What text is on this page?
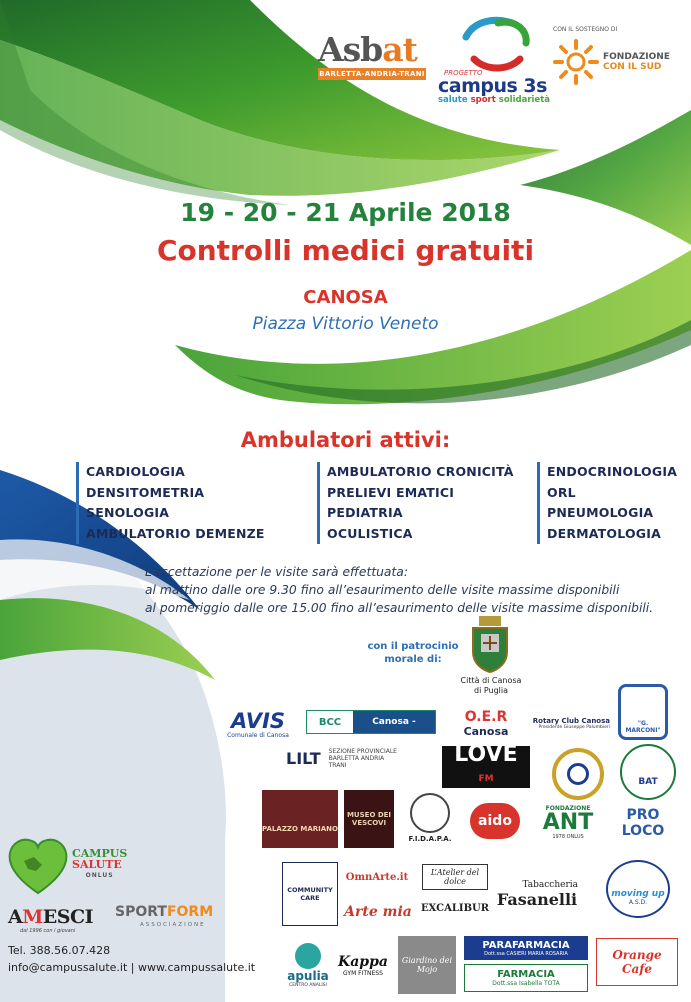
Asbat
BARLETTA-ANDRIA-TRANI	PROGETTO
campus 3s
salute sport solidarietà
CON IL SOSTEGNO DI
FONDAZIONE
CON IL SUD
19 - 20 - 21 Aprile 2018
Controlli medici gratuiti
CANOSA
Piazza Vittorio Veneto
Ambulatori attivi:
CARDIOLOGIA
DENSITOMETRIA
SENOLOGIA
AMBULATORIO DEMENZE
AMBULATORIO CRONICITÀ
PRELIEVI EMATICI
PEDIATRIA
OCULISTICA
ENDOCRINOLOGIA
ORL
PNEUMOLOGIA
DERMATOLOGIA
L’accettazione per le visite sarà effettuata:
al mattino dalle ore 9.30 fino all’esaurimento delle visite massime disponibili
al pomeriggio dalle ore 15.00 fino all’esaurimento delle visite massime disponibili.
con il patrocinio
morale di:
Città di Canosa
di Puglia
AVIS
Comunale di Canosa
BCC	Canosa - Loconia
O.E.R
Canosa
Rotary Club Canosa
Presidente Giuseppe Palumbieri	"G. MARCONI"
LILT SEZIONE PROVINCIALE BARLETTA ANDRIA TRANI	LOVE
FM	BAT
PALAZZO MARIANO
MUSEO DEI VESCOVI
F.I.D.A.P.A.
aido
FONDAZIONE
ANT
1978 ONLUS
PRO LOCO
COMMUNITY CARE
OmnArte.it
Arte mia
L’Atelier del dolce
EXCALIBUR
Tabaccheria
Fasanelli	moving up
A.S.D.
apulia
CENTRO ANALISI
Kappa
GYM FITNESS
Giardino dei Mojo
PARAFARMACIA
Dott.ssa CASIERI MARIA ROSARIA
FARMACIA
Dott.ssa Isabella TOTA
Orange Cafe
CAMPUS
SALUTE
ONLUS
AMESCI
dal 1996 con i giovani
SPORTFORM
ASSOCIAZIONE
Tel. 388.56.07.428
info@campussalute.it | www.campussalute.it
